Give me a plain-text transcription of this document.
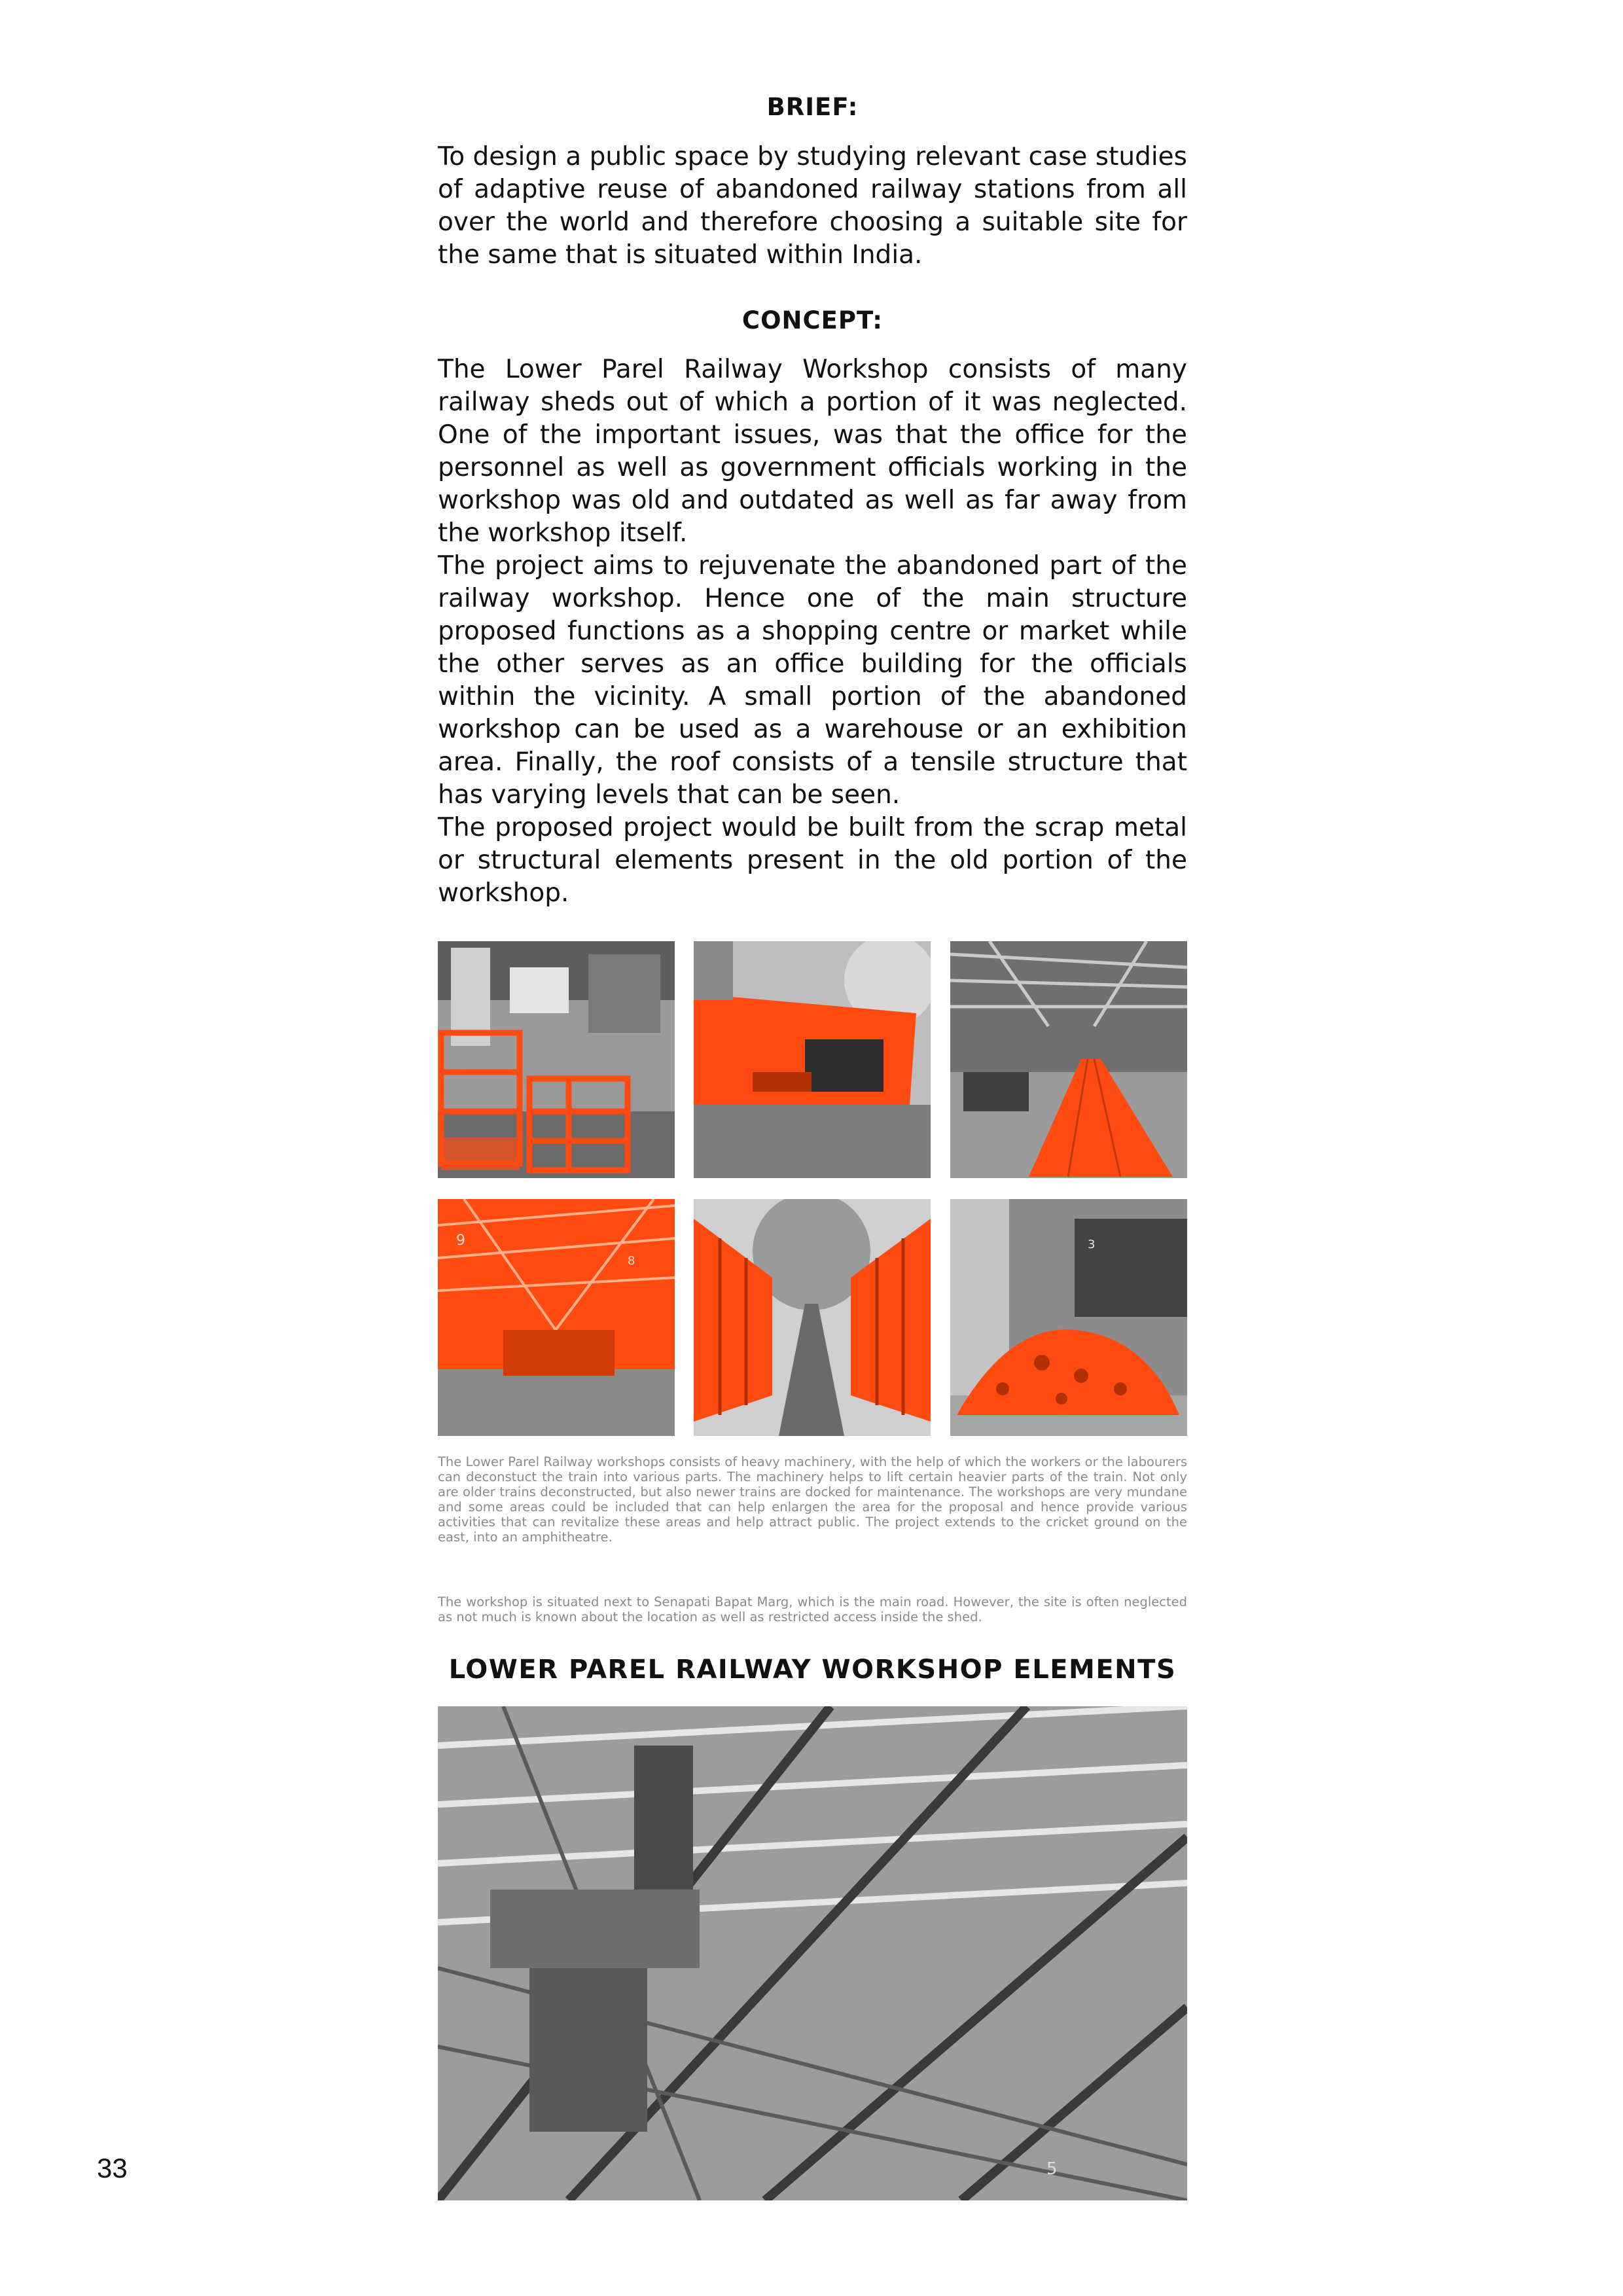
BRIEF:

To design a public space by studying relevant case studies of adaptive reuse of abandoned railway stations from all over the world and therefore choosing a suitable site for the same that is situated within India.

CONCEPT:

The Lower Parel Railway Workshop consists of many railway sheds out of which a portion of it was neglected. One of the important issues, was that the office for the personnel as well as government officials working in the workshop was old and outdated as well as far away from the workshop itself.

The project aims to rejuvenate the abandoned part of the railway workshop. Hence one of the main structure proposed functions as a shopping centre or market while the other serves as an office building for the officials within the vicinity. A small portion of the abandoned workshop can be used as a warehouse or an exhibition area. Finally, the roof consists of a tensile structure that has varying levels that can be seen.

The proposed project would be built from the scrap metal or structural elements present in the old portion of the workshop.

9
8
3

The Lower Parel Railway workshops consists of heavy machinery, with the help of which the workers or the labourers can deconstuct the train into various parts. The machinery helps to lift certain heavier parts of the train. Not only are older trains deconstructed, but also newer trains are docked for maintenance. The workshops are very mundane and some areas could be included that can help enlargen the area for the proposal and hence provide various activities that can revitalize these areas and help attract public. The project extends to the cricket ground on the east, into an amphitheatre.

The workshop is situated next to Senapati Bapat Marg, which is the main road. However, the site is often neglected as not much is known about the location as well as restricted access inside the shed.

LOWER PAREL RAILWAY WORKSHOP ELEMENTS
5
33
